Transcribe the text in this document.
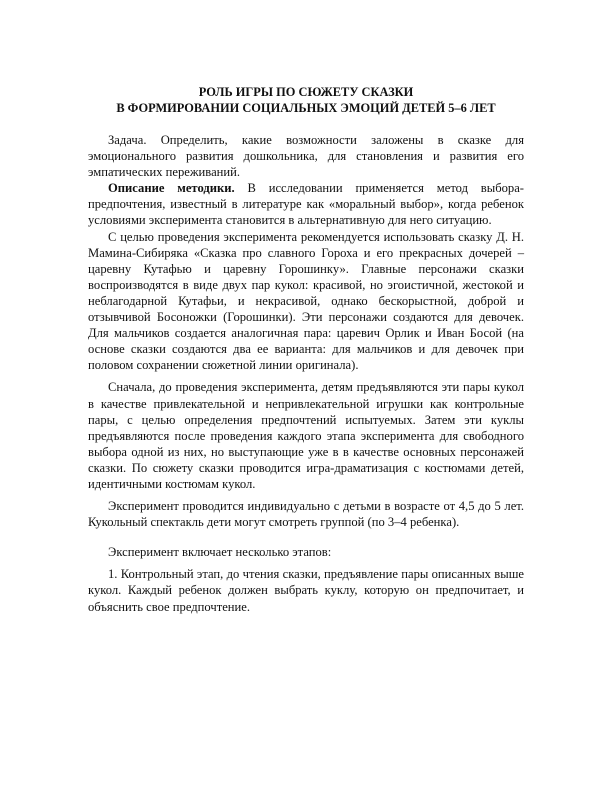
РОЛЬ ИГРЫ ПО СЮЖЕТУ СКАЗКИ
В ФОРМИРОВАНИИ СОЦИАЛЬНЫХ ЭМОЦИЙ ДЕТЕЙ 5–6 ЛЕТ

Задача. Определить, какие возможности заложены в сказке для эмоционального развития дошкольника, для становления и развития его эмпатических переживаний.

Описание методики. В исследовании применяется метод выбора-предпочтения, известный в литературе как «моральный выбор», когда ребенок условиями эксперимента становится в альтернативную для него ситуацию.

С целью проведения эксперимента рекомендуется использовать сказку Д. Н. Мамина-Сибиряка «Сказка про славного Гороха и его прекрасных дочерей – царевну Кутафью и царевну Горошинку». Главные персонажи сказки воспроизводятся в виде двух пар кукол: красивой, но эгоистичной, жестокой и неблагодарной Кутафьи, и некрасивой, однако бескорыстной, доброй и отзывчивой Босоножки (Горошинки). Эти персонажи создаются для девочек. Для мальчиков создается аналогичная пара: царевич Орлик и Иван Босой (на основе сказки создаются два ее варианта: для мальчиков и для девочек при половом сохранении сюжетной линии оригинала).

Сначала, до проведения эксперимента, детям предъявляются эти пары кукол в качестве привлекательной и непривлекательной игрушки как контрольные пары, с целью определения предпочтений испытуемых. Затем эти куклы предъявляются после проведения каждого этапа эксперимента для свободного выбора одной из них, но выступающие уже в в качестве основных персонажей сказки. По сюжету сказки проводится игра-драматизация с костюмами детей, идентичными костюмам кукол.

Эксперимент проводится индивидуально с детьми в возрасте от 4,5 до 5 лет. Кукольный спектакль дети могут смотреть группой (по 3–4 ребенка).

Эксперимент включает несколько этапов:

1. Контрольный этап, до чтения сказки, предъявление пары описанных выше кукол. Каждый ребенок должен выбрать куклу, которую он предпочитает, и объяснить свое предпочтение.
